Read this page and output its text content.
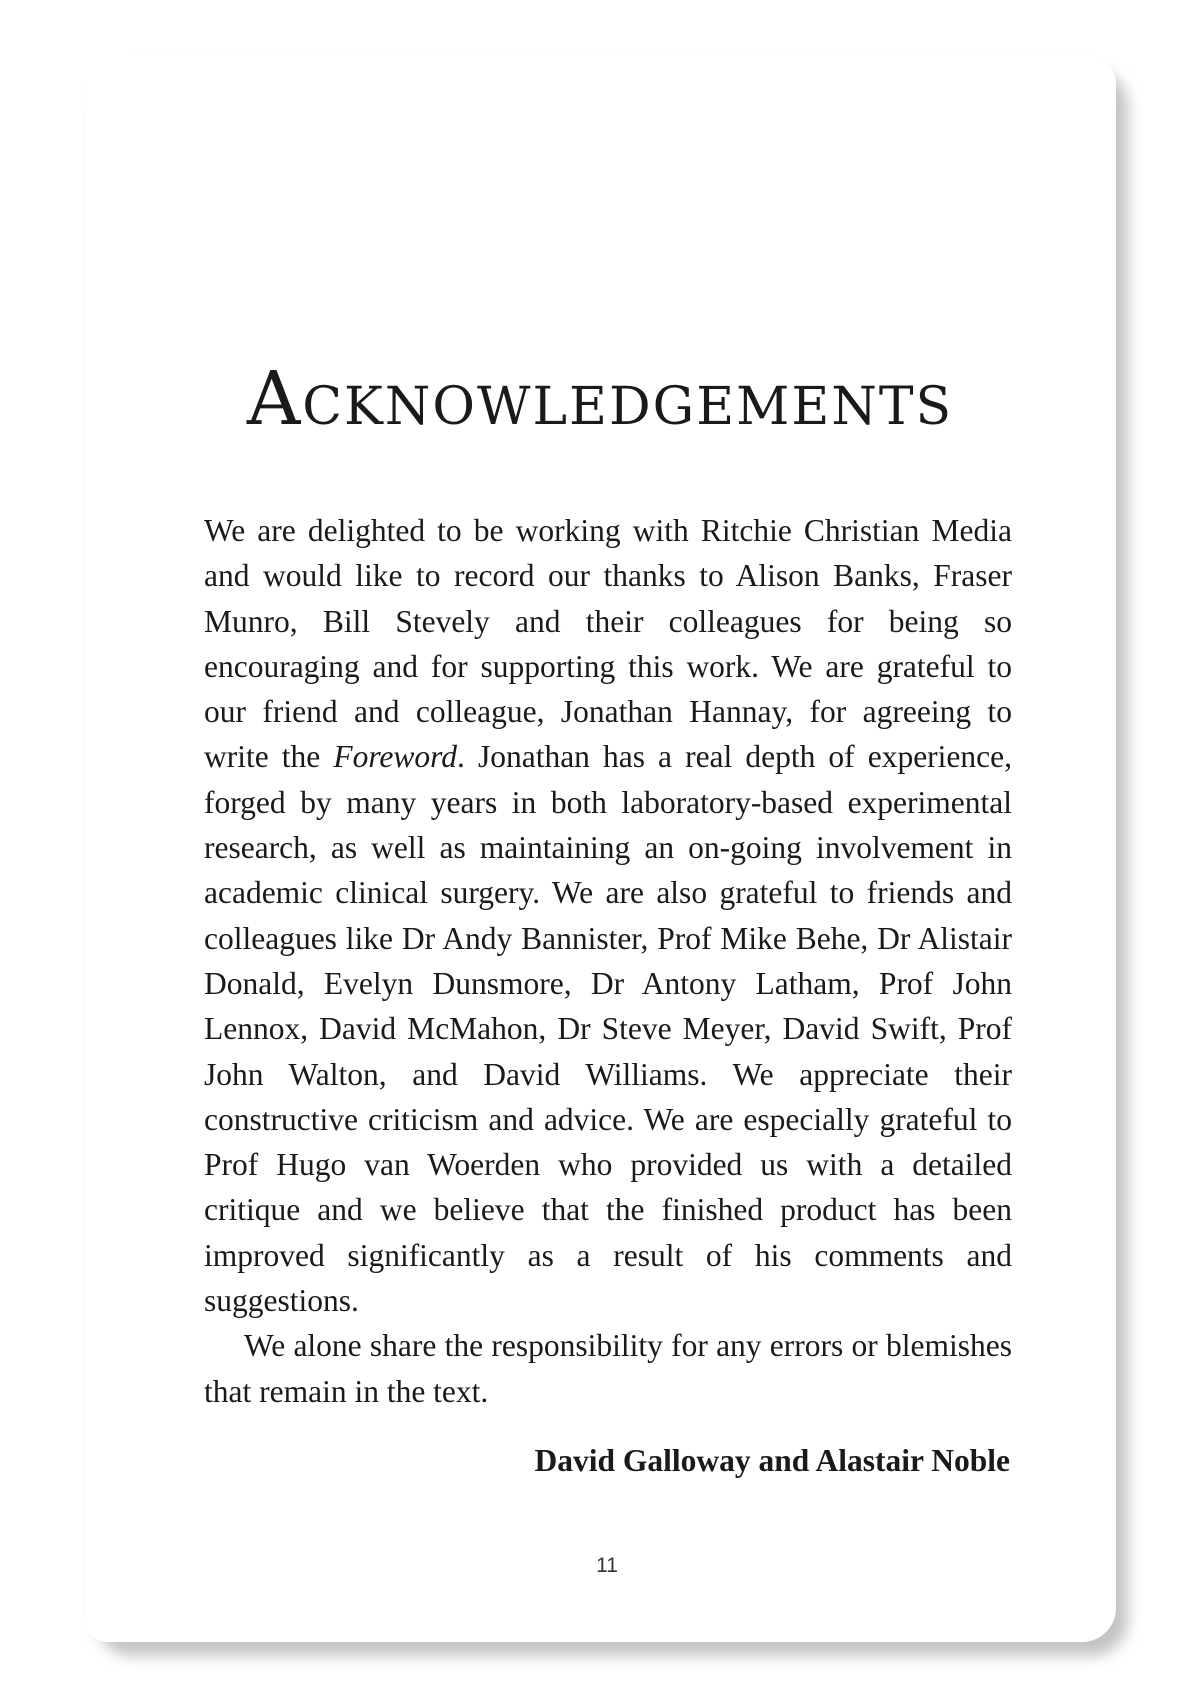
Acknowledgements

We are delighted to be working with Ritchie Christian Media and would like to record our thanks to Alison Banks, Fraser Munro, Bill Stevely and their colleagues for being so encouraging and for supporting this work. We are grateful to our friend and colleague, Jonathan Hannay, for agreeing to write the Foreword. Jonathan has a real depth of experience, forged by many years in both laboratory-based experimental research, as well as maintaining an on-going involvement in academic clinical surgery. We are also grateful to friends and colleagues like Dr Andy Bannister, Prof Mike Behe, Dr Alistair Donald, Evelyn Dunsmore, Dr Antony Latham, Prof John Lennox, David McMahon, Dr Steve Meyer, David Swift, Prof John Walton, and David Williams. We appreciate their constructive criticism and advice. We are especially grateful to Prof Hugo van Woerden who provided us with a detailed critique and we believe that the finished product has been improved significantly as a result of his comments and suggestions.

We alone share the responsibility for any errors or blemishes that remain in the text.

David Galloway and Alastair Noble
11
